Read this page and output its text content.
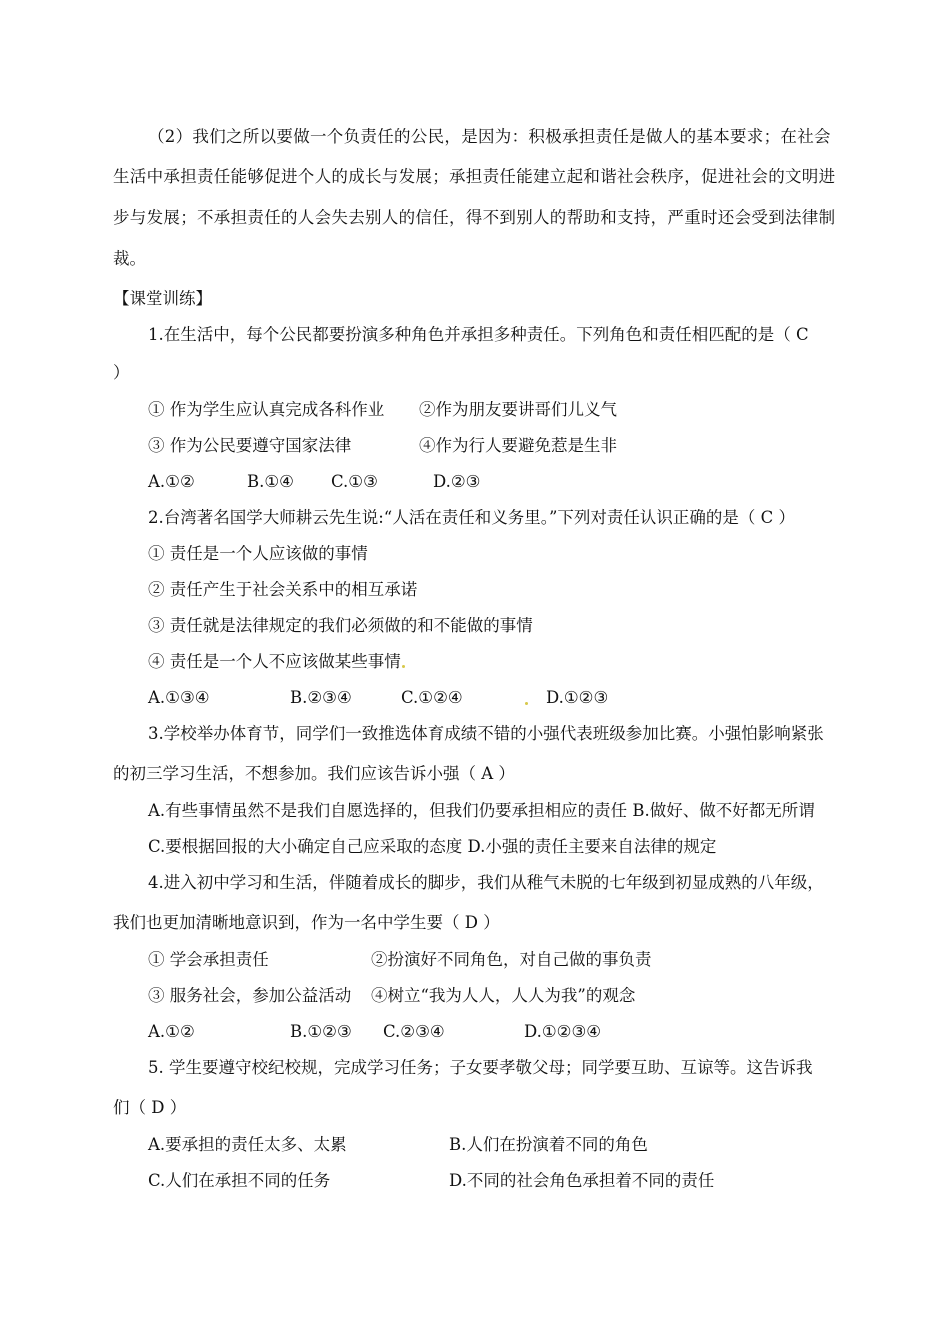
（2）我们之所以要做一个负责任的公民，是因为：积极承担责任是做人的基本要求；在社会
生活中承担责任能够促进个人的成长与发展；承担责任能建立起和谐社会秩序，促进社会的文明进
步与发展；不承担责任的人会失去别人的信任，得不到别人的帮助和支持，严重时还会受到法律制
裁。
【课堂训练】
1.在生活中，每个公民都要扮演多种角色并承担多种责任。下列角色和责任相匹配的是（ C
）
① 作为学生应认真完成各科作业 ②作为朋友要讲哥们儿义气
③ 作为公民要遵守国家法律	④作为行人要避免惹是生非
A.①②	B.①④ C.①③	D.②③
2.台湾著名国学大师耕云先生说:“人活在责任和义务里。”下列对责任认识正确的是（ C ）
① 责任是一个人应该做的事情
② 责任产生于社会关系中的相互承诺
③ 责任就是法律规定的我们必须做的和不能做的事情
④ 责任是一个人不应该做某些事情
A.①③④	B.②③④	C.①②④	D.①②③
3.学校举办体育节，同学们一致推选体育成绩不错的小强代表班级参加比赛。小强怕影响紧张
的初三学习生活，不想参加。我们应该告诉小强（ A ）
A.有些事情虽然不是我们自愿选择的，但我们仍要承担相应的责任 B.做好、做不好都无所谓
C.要根据回报的大小确定自己应采取的态度 D.小强的责任主要来自法律的规定
4.进入初中学习和生活，伴随着成长的脚步，我们从稚气未脱的七年级到初显成熟的八年级，
我们也更加清晰地意识到，作为一名中学生要（ D ）
① 学会承担责任	②扮演好不同角色，对自己做的事负责
③ 服务社会，参加公益活动 ④树立“我为人人，人人为我”的观念
A.①②	B.①②③ C.②③④	D.①②③④
5. 学生要遵守校纪校规，完成学习任务；子女要孝敬父母；同学要互助、互谅等。这告诉我
们（ D ）
A.要承担的责任太多、太累	B.人们在扮演着不同的角色
C.人们在承担不同的任务	D.不同的社会角色承担着不同的责任
